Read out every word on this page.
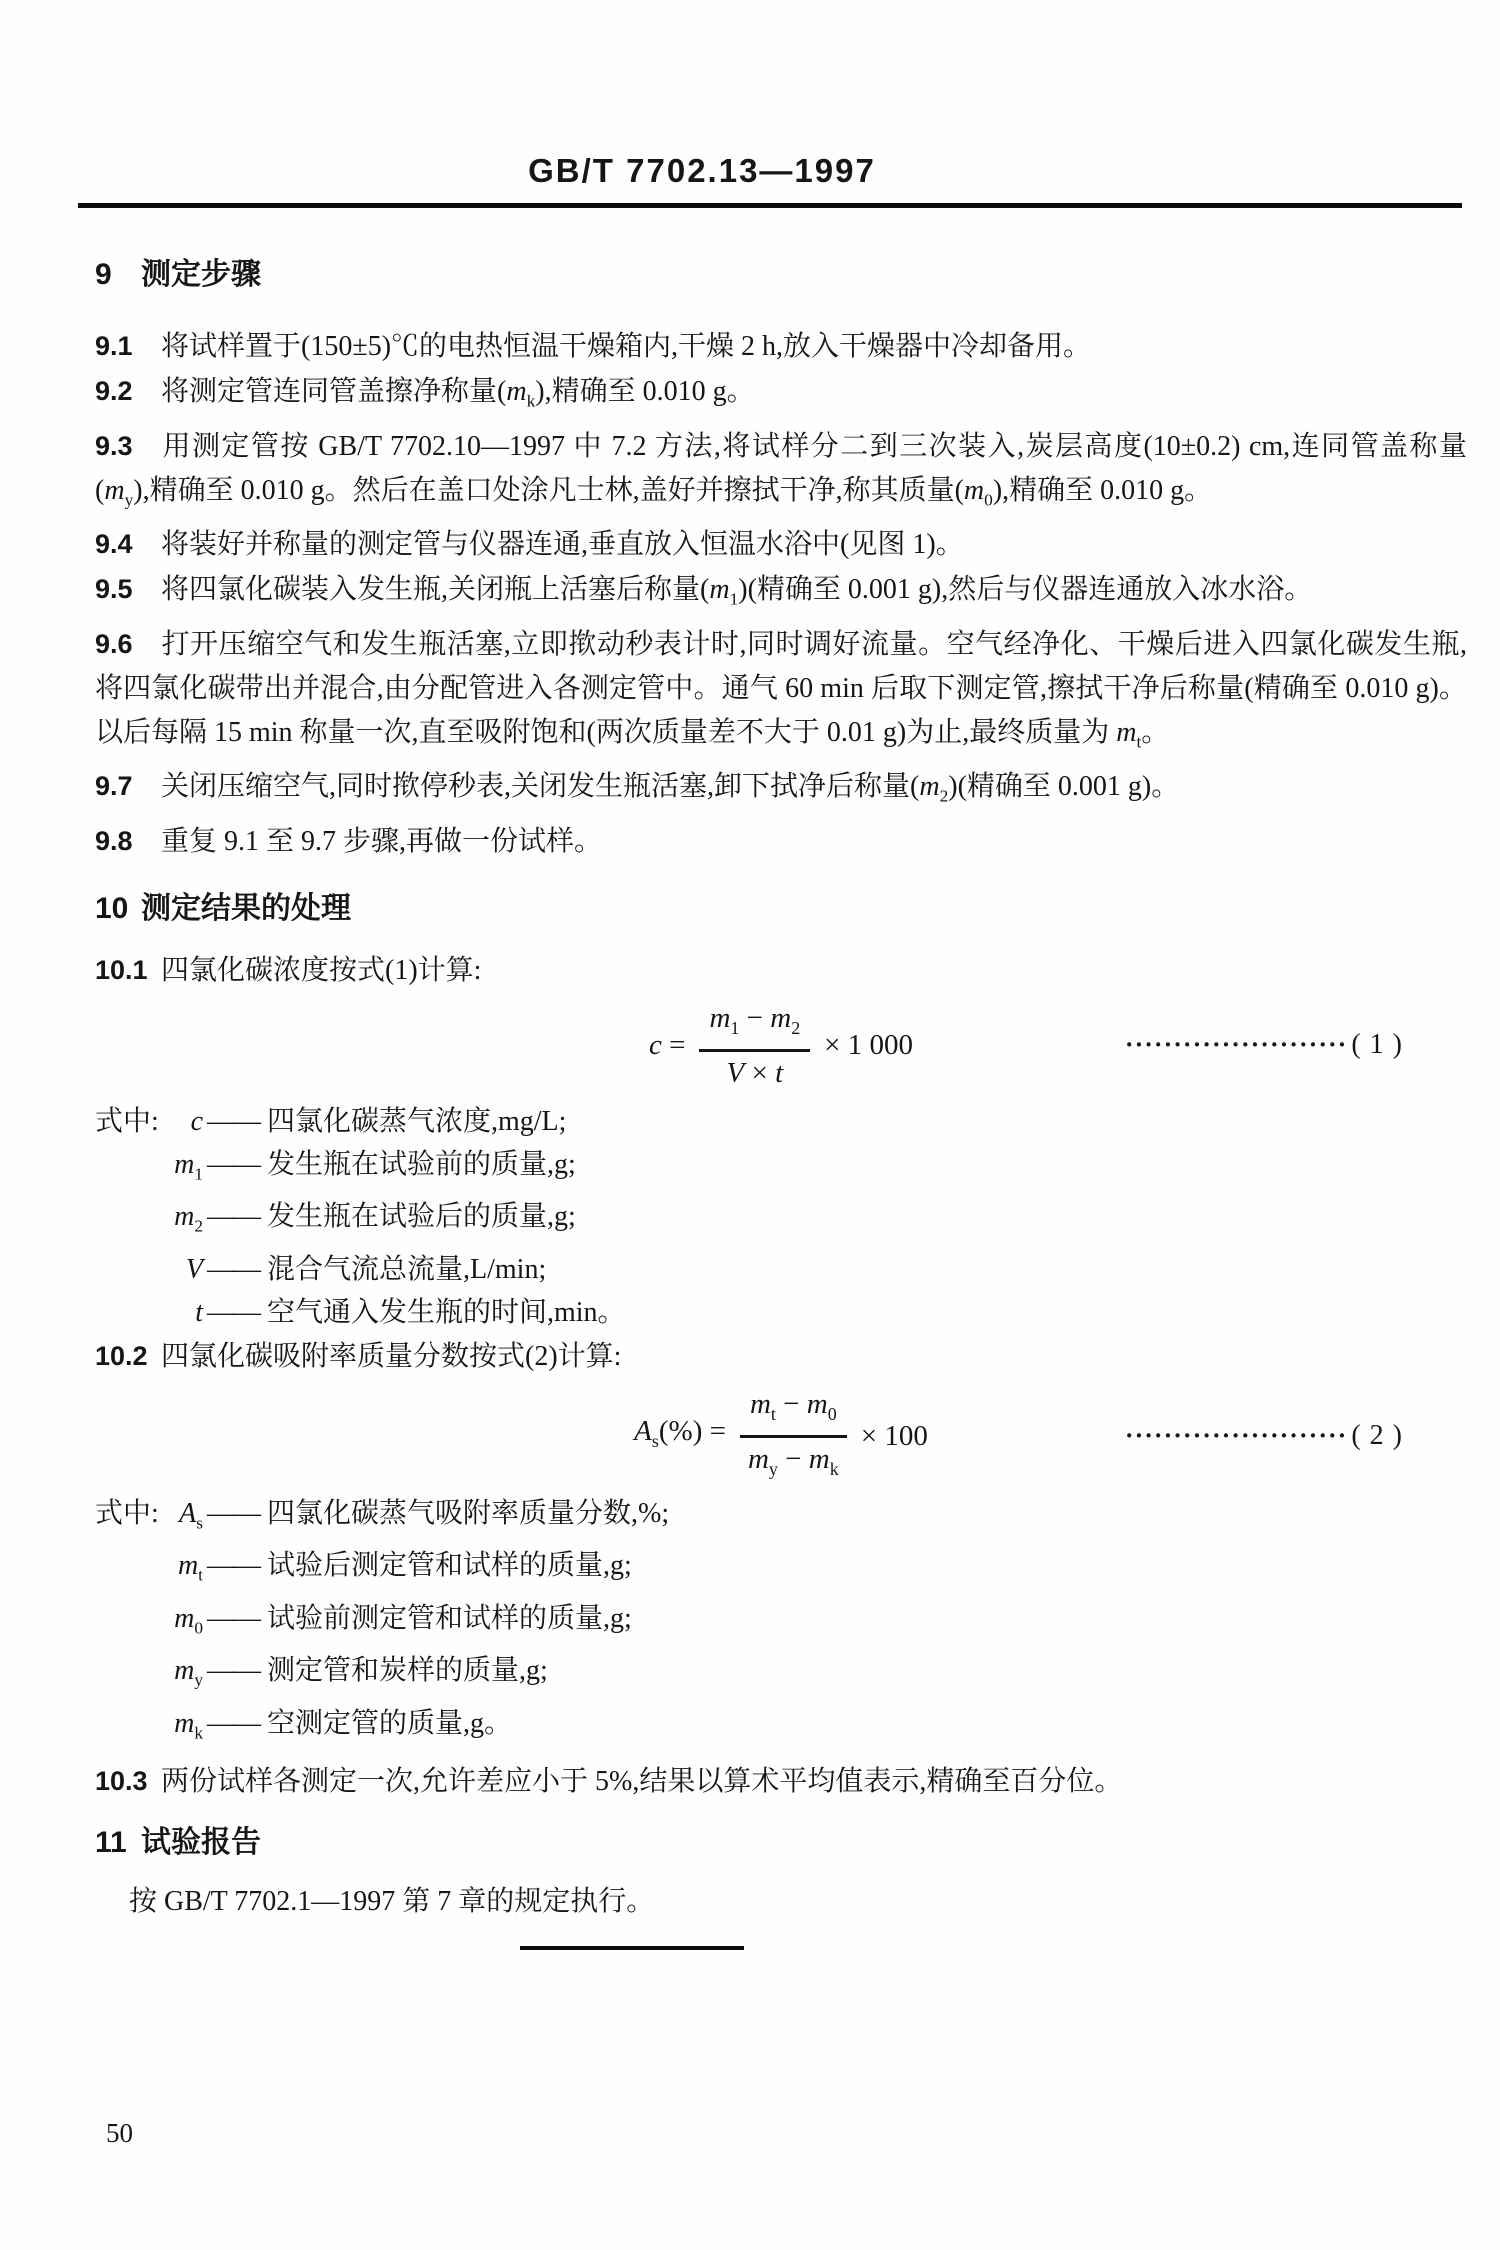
GB/T 7702.13—1997
9 测定步骤

9.1 将试样置于(150±5)℃的电热恒温干燥箱内,干燥 2 h,放入干燥器中冷却备用。

9.2 将测定管连同管盖擦净称量$(m_k)$,精确至 0.010 g。

9.3 用测定管按 GB/T 7702.10—1997 中 7.2 方法,将试样分二到三次装入,炭层高度(10±0.2) cm,连同管盖称量$(m_y)$,精确至 0.010 g。然后在盖口处涂凡士林,盖好并擦拭干净,称其质量$(m_0)$,精确至 0.010 g。

9.4 将装好并称量的测定管与仪器连通,垂直放入恒温水浴中(见图 1)。

9.5 将四氯化碳装入发生瓶,关闭瓶上活塞后称量$(m_1)$(精确至 0.001 g),然后与仪器连通放入冰水浴。

9.6 打开压缩空气和发生瓶活塞,立即揿动秒表计时,同时调好流量。空气经净化、干燥后进入四氯化碳发生瓶,将四氯化碳带出并混合,由分配管进入各测定管中。通气 60 min 后取下测定管,擦拭干净后称量(精确至 0.010 g)。以后每隔 15 min 称量一次,直至吸附饱和(两次质量差不大于 0.01 g)为止,最终质量为 $m_t$。

9.7 关闭压缩空气,同时揿停秒表,关闭发生瓶活塞,卸下拭净后称量$(m_2)$(精确至 0.001 g)。

9.8 重复 9.1 至 9.7 步骤,再做一份试样。

10 测定结果的处理

10.1 四氯化碳浓度按式(1)计算:

$c = \frac{m_1 - m_2}{V \times t} \times 1$ 000	······················· ( 1 )
式中: c —— 四氯化碳蒸气浓度,mg/L;
$m_1$ —— 发生瓶在试验前的质量,g;
$m_2$ —— 发生瓶在试验后的质量,g;
V —— 混合气流总流量,L/min;
t —— 空气通入发生瓶的时间,min。

10.2 四氯化碳吸附率质量分数按式(2)计算:

$A_s(\%) = \frac{m_t - m_0}{m_y - m_k} \times 100$	······················· ( 2 )
式中: $A_s$ —— 四氯化碳蒸气吸附率质量分数,%;
$m_t$ —— 试验后测定管和试样的质量,g;
$m_0$ —— 试验前测定管和试样的质量,g;
$m_y$ —— 测定管和炭样的质量,g;
$m_k$ —— 空测定管的质量,g。

10.3 两份试样各测定一次,允许差应小于 5%,结果以算术平均值表示,精确至百分位。

11 试验报告

按 GB/T 7702.1—1997 第 7 章的规定执行。

50
